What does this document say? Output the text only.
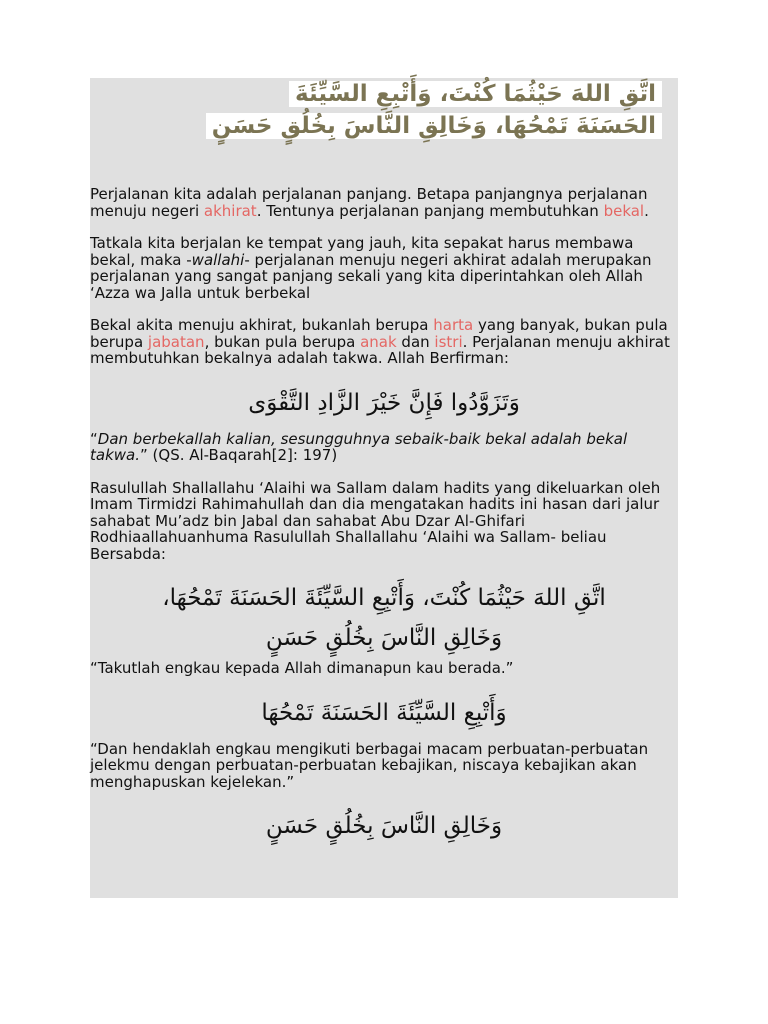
اتَّقِ اللهَ حَيْثُمَا كُنْتَ، وَأَتْبِعِ السَّيِّئَةَ
الحَسَنَةَ تَمْحُهَا، وَخَالِقِ النَّاسَ بِخُلُقٍ حَسَنٍ

Perjalanan kita adalah perjalanan panjang. Betapa panjangnya perjalanan menuju negeri akhirat. Tentunya perjalanan panjang membutuhkan bekal.

Tatkala kita berjalan ke tempat yang jauh, kita sepakat harus membawa bekal, maka -wallahi- perjalanan menuju negeri akhirat adalah merupakan perjalanan yang sangat panjang sekali yang kita diperintahkan oleh Allah ‘Azza wa Jalla untuk berbekal

Bekal akita menuju akhirat, bukanlah berupa harta yang banyak, bukan pula berupa jabatan, bukan pula berupa anak dan istri. Perjalanan menuju akhirat membutuhkan bekalnya adalah takwa. Allah Berfirman:

وَتَزَوَّدُوا فَإِنَّ خَيْرَ الزَّادِ التَّقْوَى

“Dan berbekallah kalian, sesungguhnya sebaik-baik bekal adalah bekal takwa.” (QS. Al-Baqarah[2]: 197)

Rasulullah Shallallahu ‘Alaihi wa Sallam dalam hadits yang dikeluarkan oleh Imam Tirmidzi Rahimahullah dan dia mengatakan hadits ini hasan dari jalur sahabat Mu’adz bin Jabal dan sahabat Abu Dzar Al-Ghifari Rodhiaallahuanhuma Rasulullah Shallallahu ‘Alaihi wa Sallam- beliau Bersabda:

اتَّقِ اللهَ حَيْثُمَا كُنْتَ، وَأَتْبِعِ السَّيِّئَةَ الحَسَنَةَ تَمْحُهَا،
وَخَالِقِ النَّاسَ بِخُلُقٍ حَسَنٍ

“Takutlah engkau kepada Allah dimanapun kau berada.”

وَأَتْبِعِ السَّيِّئَةَ الحَسَنَةَ تَمْحُهَا

“Dan hendaklah engkau mengikuti berbagai macam perbuatan-perbuatan jelekmu dengan perbuatan-perbuatan kebajikan, niscaya kebajikan akan menghapuskan kejelekan.”

وَخَالِقِ النَّاسَ بِخُلُقٍ حَسَنٍ
